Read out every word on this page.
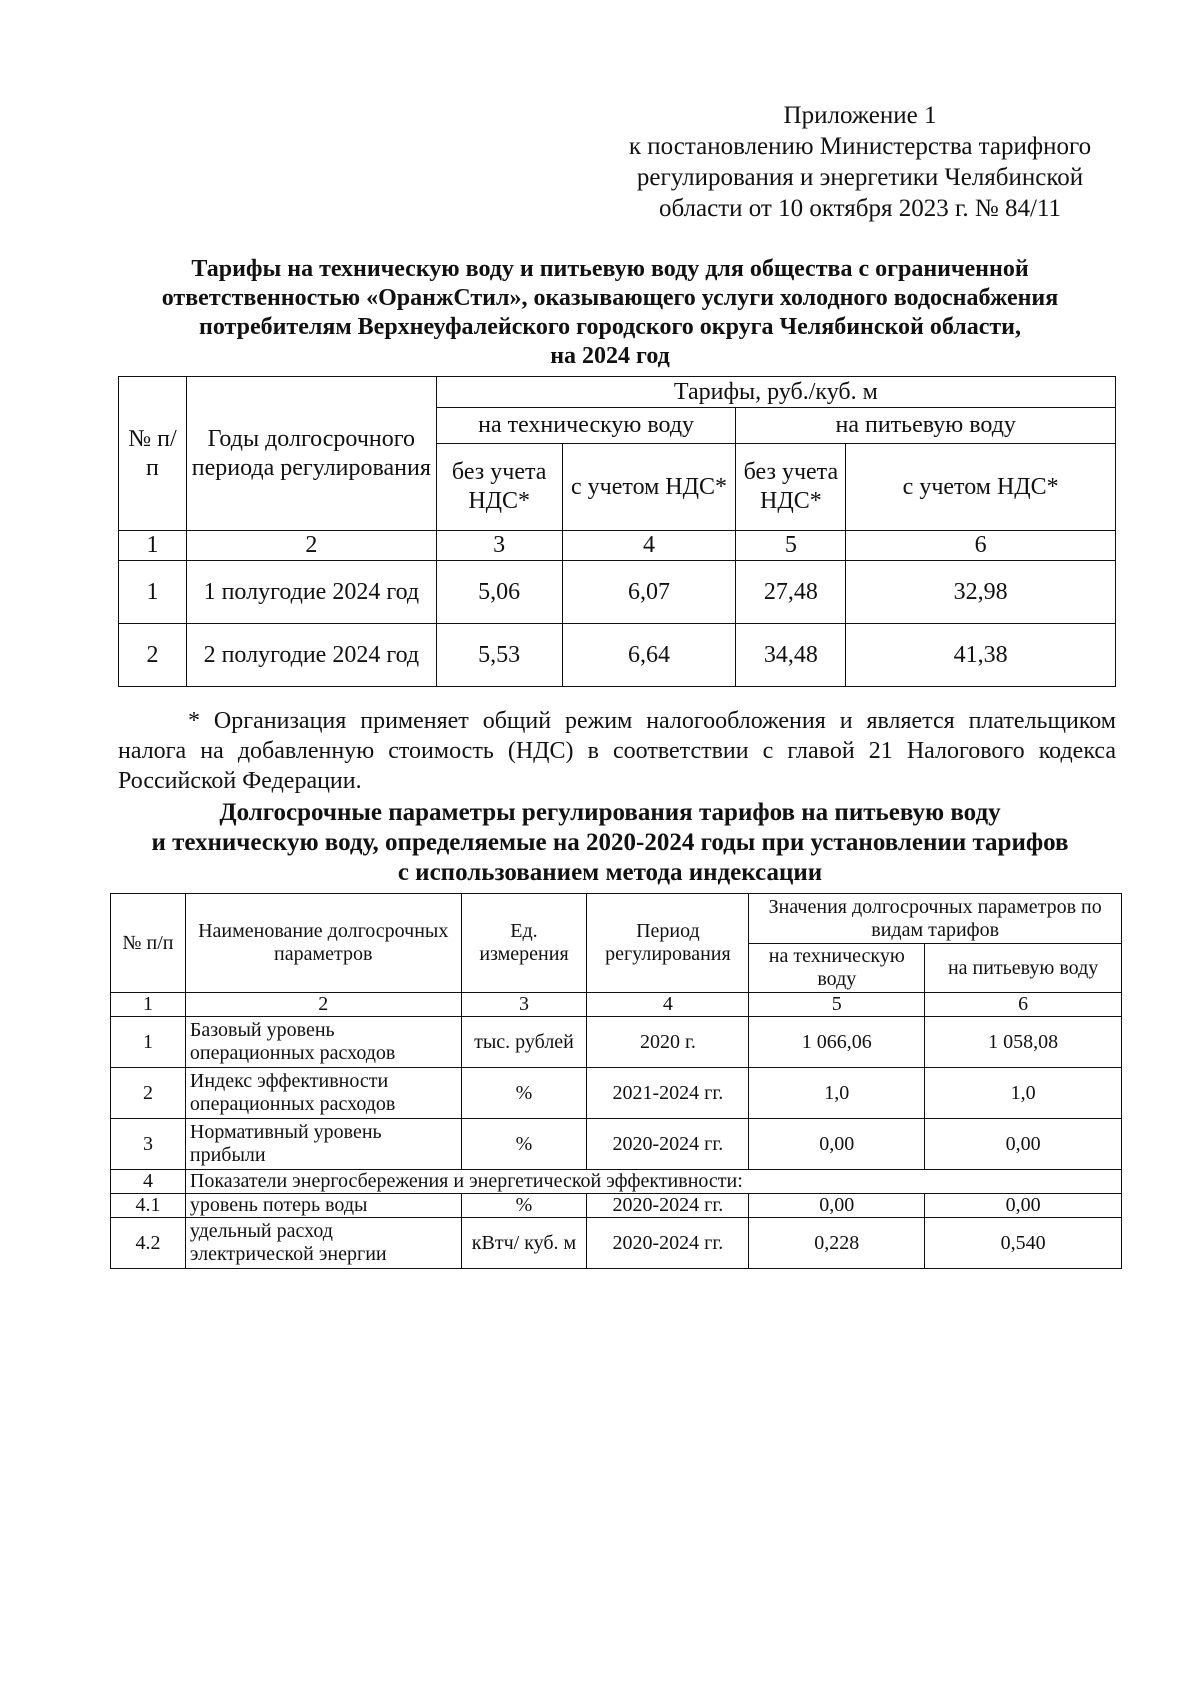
Приложение 1
к постановлению Министерства тарифного
регулирования и энергетики Челябинской
области от 10 октября 2023 г. № 84/11
Тарифы на техническую воду и питьевую воду для общества с ограниченной
ответственностью «ОранжСтил», оказывающего услуги холодного водоснабжения
потребителям Верхнеуфалейского городского округа Челябинской области,
на 2024 год
№ п/п	Годы долгосрочного периода регулирования	Тарифы, руб./куб. м			
		на техническую воду		на питьевую воду	
		без учета НДС*	с учетом НДС*	без учета НДС*	с учетом НДС*
1	2	3	4	5	6
1	1 полугодие 2024 год	5,06	6,07	27,48	32,98
2	2 полугодие 2024 год	5,53	6,64	34,48	41,38
* Организация применяет общий режим налогообложения и является плательщиком налога на добавленную стоимость (НДС) в соответствии с главой 21 Налогового кодекса Российской Федерации.
Долгосрочные параметры регулирования тарифов на питьевую воду
и техническую воду, определяемые на 2020-2024 годы при установлении тарифов
с использованием метода индексации
№ п/п	Наименование долгосрочных параметров	Ед. измерения	Период регулирования	Значения долгосрочных параметров по видам тарифов	
				на техническую воду	на питьевую воду
1	2	3	4	5	6
1	Базовый уровень операционных расходов	тыс. рублей	2020 г.	1 066,06	1 058,08
2	Индекс эффективности операционных расходов	%	2021-2024 гг.	1,0	1,0
3	Нормативный уровень прибыли	%	2020-2024 гг.	0,00	0,00
4	Показатели энергосбережения и энергетической эффективности:				
4.1	уровень потерь воды	%	2020-2024 гг.	0,00	0,00
4.2	удельный расход электрической энергии	кВтч/ куб. м	2020-2024 гг.	0,228	0,540
